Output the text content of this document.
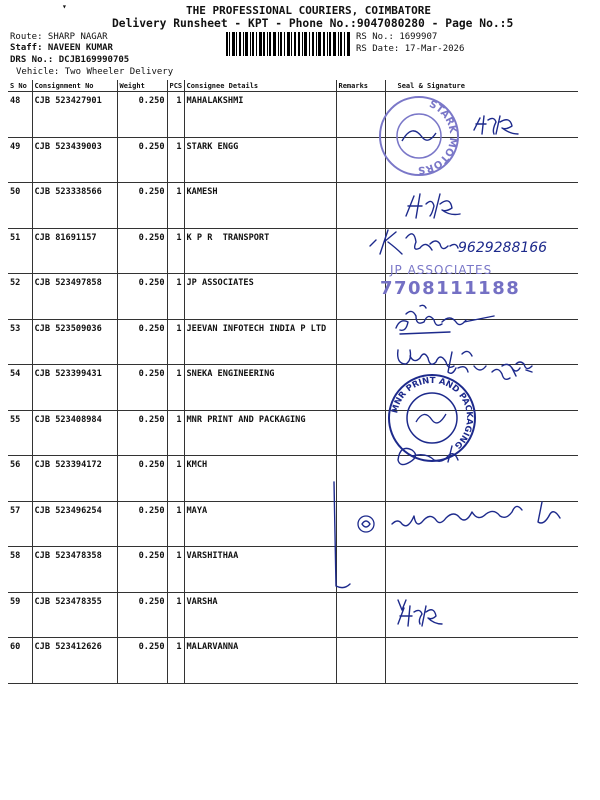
THE PROFESSIONAL COURIERS, COIMBATORE
Delivery Runsheet - KPT - Phone No.:9047080280 - Page No.:5
Route: SHARP NAGAR
Staff: NAVEEN KUMAR
DRS No.: DCJB169990705
Vehicle: Two Wheeler Delivery
RS No.: 1699907
RS Date: 17-Mar-2026
▾
S No	Consignment No	Weight	PCS	Consignee Details	Remarks	Seal & Signature
48	CJB 523427901	0.250	1	MAHALAKSHMI		
49	CJB 523439003	0.250	1	STARK ENGG		
50	CJB 523338566	0.250	1	KAMESH		
51	CJB 81691157	0.250	1	K P R  TRANSPORT		
52	CJB 523497858	0.250	1	JP ASSOCIATES		
53	CJB 523509036	0.250	1	JEEVAN INFOTECH INDIA P LTD		
54	CJB 523399431	0.250	1	SNEKA ENGINEERING		
55	CJB 523408984	0.250	1	MNR PRINT AND PACKAGING		
56	CJB 523394172	0.250	1	KMCH		
57	CJB 523496254	0.250	1	MAYA		
58	CJB 523478358	0.250	1	VARSHITHAA		
59	CJB 523478355	0.250	1	VARSHA		
60	CJB 523412626	0.250	1	MALARVANNA		
STARK MOTORS
9629288166
JP ASSOCIATES
7708111188
MNR PRINT AND PACKAGING
